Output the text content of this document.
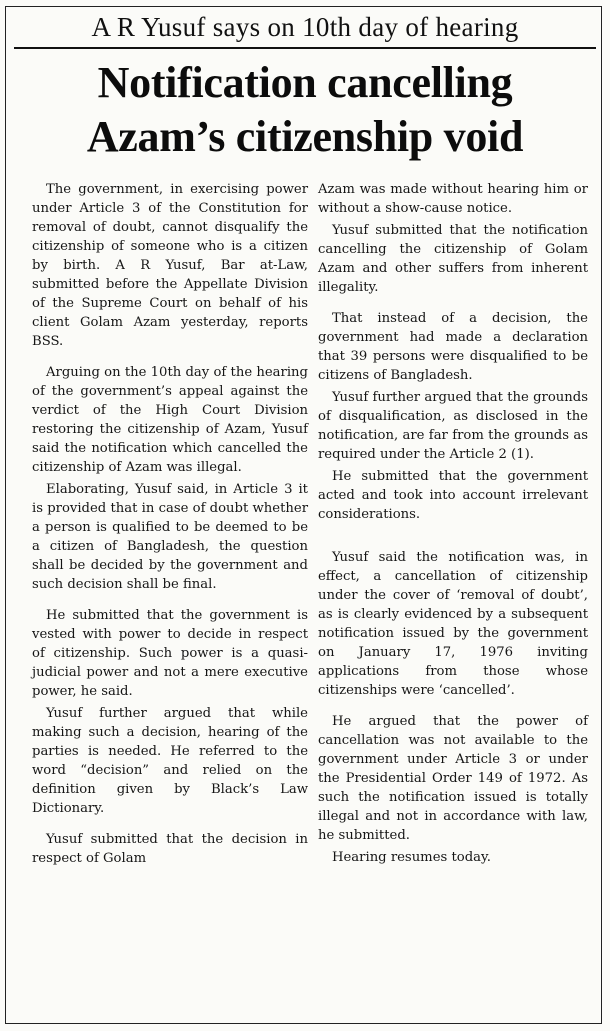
A R Yusuf says on 10th day of hearing
Notification cancelling
Azam’s citizenship void

The government, in exercising power under Article 3 of the Constitution for removal of doubt, cannot disqualify the citizenship of someone who is a citizen by birth. A R Yusuf, Bar at-Law, submitted before the Appellate Division of the Supreme Court on behalf of his client Golam Azam yesterday, reports BSS.

Arguing on the 10th day of the hearing of the government’s appeal against the verdict of the High Court Division restoring the citizenship of Azam, Yusuf said the notification which cancelled the citizenship of Azam was illegal.

Elaborating, Yusuf said, in Article 3 it is provided that in case of doubt whether a person is qualified to be deemed to be a citizen of Bangladesh, the question shall be decided by the government and such decision shall be final.

He submitted that the government is vested with power to decide in respect of citizenship. Such power is a quasi-judicial power and not a mere executive power, he said.

Yusuf further argued that while making such a decision, hearing of the parties is needed. He referred to the word “decision” and relied on the definition given by Black’s Law Dictionary.

Yusuf submitted that the decision in respect of Golam

Azam was made without hearing him or without a show-cause notice.

Yusuf submitted that the notification cancelling the citizenship of Golam Azam and other suffers from inherent illegality.

That instead of a decision, the government had made a declaration that 39 persons were disqualified to be citizens of Bangladesh.

Yusuf further argued that the grounds of disqualification, as disclosed in the notification, are far from the grounds as required under the Article 2 (1).

He submitted that the government acted and took into account irrelevant considerations.

Yusuf said the notification was, in effect, a cancellation of citizenship under the cover of ‘removal of doubt’, as is clearly evidenced by a subsequent notification issued by the government on January 17, 1976 inviting applications from those whose citizenships were ‘cancelled’.

He argued that the power of cancellation was not available to the government under Article 3 or under the Presidential Order 149 of 1972. As such the notification issued is totally illegal and not in accordance with law, he submitted.

Hearing resumes today.
